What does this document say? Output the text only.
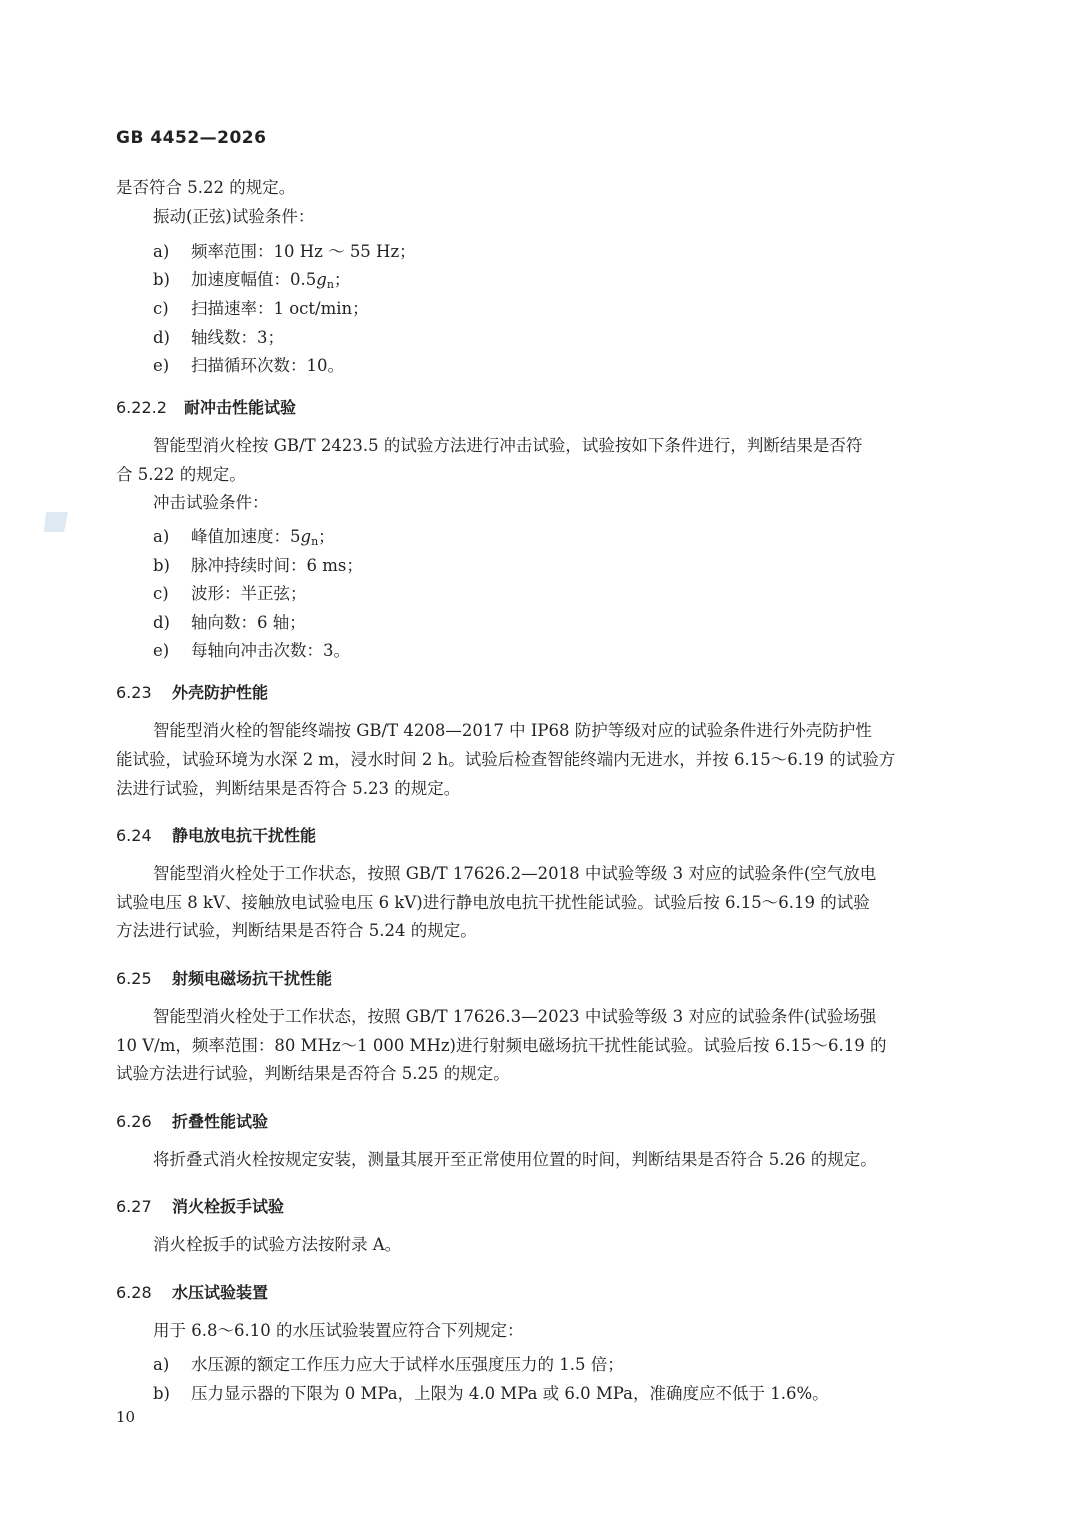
GB 4452—2026
是否符合 5.22 的规定。
振动(正弦)试验条件：
a) 频率范围：10 Hz ～ 55 Hz；
b) 加速度幅值：$0.5g_n$；
c) 扫描速率：1 oct/min；
d) 轴线数：3；
e) 扫描循环次数：10。
6.22.2 耐冲击性能试验
智能型消火栓按 GB/T 2423.5 的试验方法进行冲击试验，试验按如下条件进行，判断结果是否符
合 5.22 的规定。
冲击试验条件：
a) 峰值加速度：$5g_n$；
b) 脉冲持续时间：6 ms；
c) 波形：半正弦；
d) 轴向数：6 轴；
e) 每轴向冲击次数：3。
6.23 外壳防护性能
智能型消火栓的智能终端按 GB/T 4208—2017 中 IP68 防护等级对应的试验条件进行外壳防护性
能试验，试验环境为水深 2 m，浸水时间 2 h。试验后检查智能终端内无进水，并按 6.15～6.19 的试验方
法进行试验，判断结果是否符合 5.23 的规定。
6.24 静电放电抗干扰性能
智能型消火栓处于工作状态，按照 GB/T 17626.2—2018 中试验等级 3 对应的试验条件(空气放电
试验电压 8 kV、接触放电试验电压 6 kV)进行静电放电抗干扰性能试验。试验后按 6.15～6.19 的试验
方法进行试验，判断结果是否符合 5.24 的规定。
6.25 射频电磁场抗干扰性能
智能型消火栓处于工作状态，按照 GB/T 17626.3—2023 中试验等级 3 对应的试验条件(试验场强
10 V/m，频率范围：80 MHz～1 000 MHz)进行射频电磁场抗干扰性能试验。试验后按 6.15～6.19 的
试验方法进行试验，判断结果是否符合 5.25 的规定。
6.26 折叠性能试验
将折叠式消火栓按规定安装，测量其展开至正常使用位置的时间，判断结果是否符合 5.26 的规定。
6.27 消火栓扳手试验
消火栓扳手的试验方法按附录 A。
6.28 水压试验装置
用于 6.8～6.10 的水压试验装置应符合下列规定：
a) 水压源的额定工作压力应大于试样水压强度压力的 1.5 倍；
b) 压力显示器的下限为 0 MPa，上限为 4.0 MPa 或 6.0 MPa，准确度应不低于 1.6%。
10
